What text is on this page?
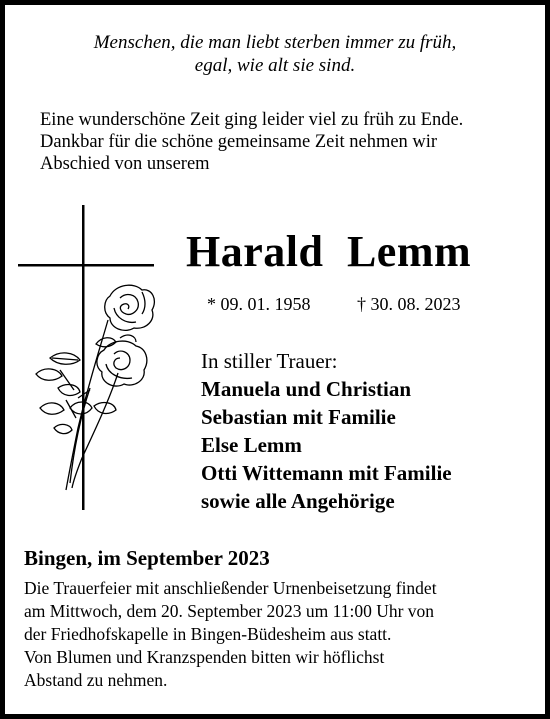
Menschen, die man liebt sterben immer zu früh,
egal, wie alt sie sind.
Eine wunderschöne Zeit ging leider viel zu früh zu Ende.
Dankbar für die schöne gemeinsame Zeit nehmen wir
Abschied von unserem
Harald Lemm
* 09. 01. 1958	† 30. 08. 2023
In stiller Trauer:
Manuela und Christian
Sebastian mit Familie
Else Lemm
Otti Wittemann mit Familie
sowie alle Angehörige
Bingen, im September 2023
Die Trauerfeier mit anschließender Urnenbeisetzung findet
am Mittwoch, dem 20. September 2023 um 11:00 Uhr von
der Friedhofskapelle in Bingen-Büdesheim aus statt.
Von Blumen und Kranzspenden bitten wir höflichst
Abstand zu nehmen.
